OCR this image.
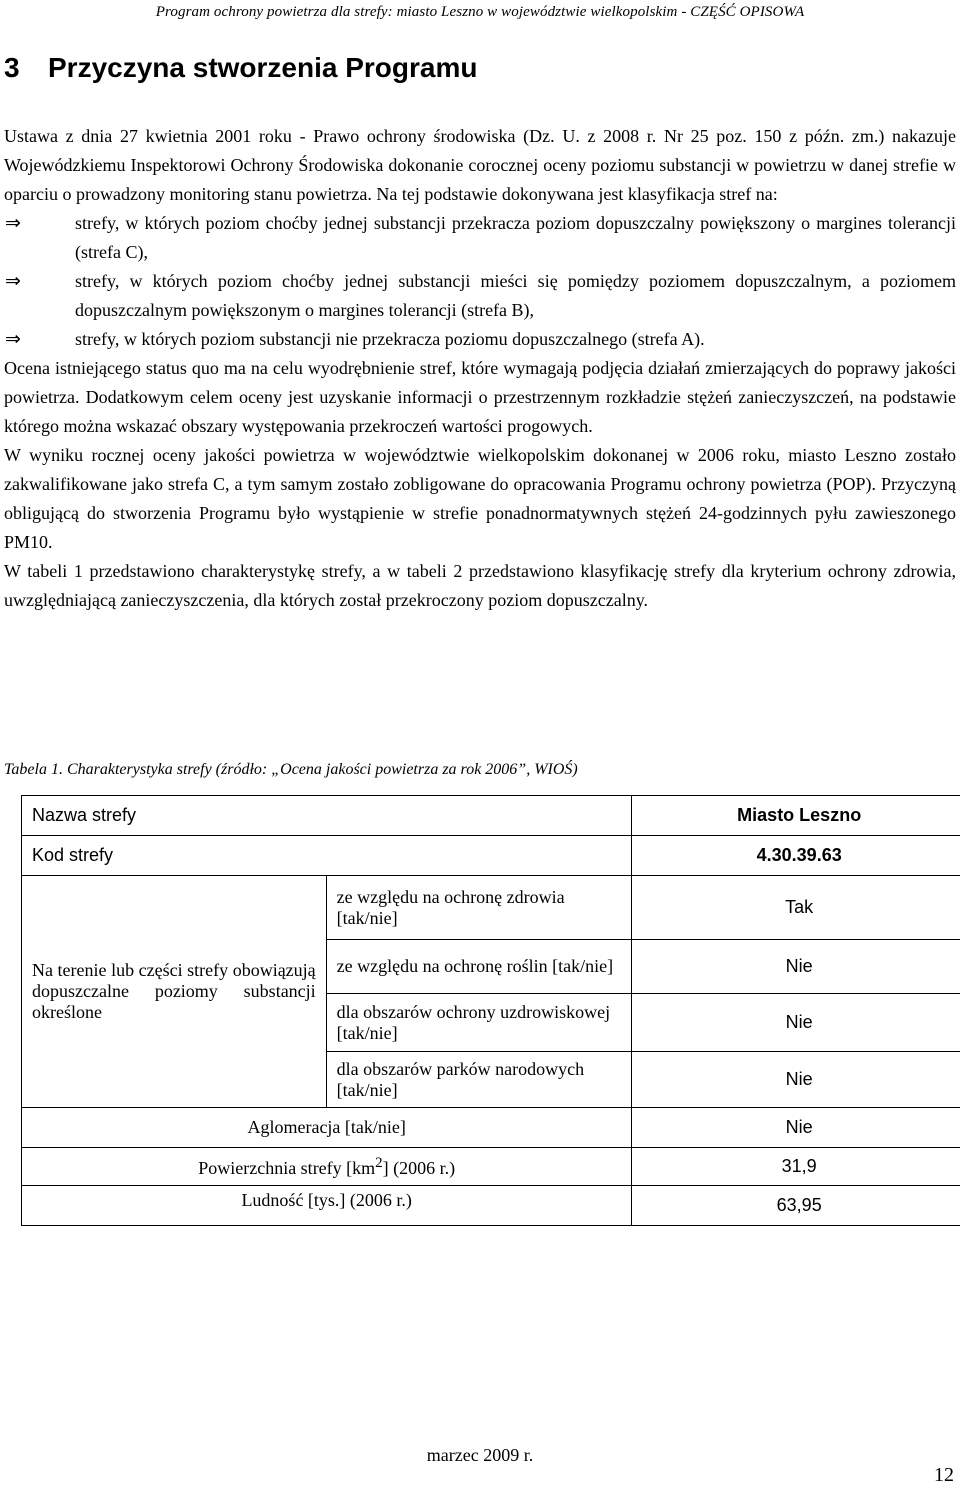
Program ochrony powietrza dla strefy: miasto Leszno w województwie wielkopolskim - CZĘŚĆ OPISOWA
3 Przyczyna stworzenia Programu

Ustawa z dnia 27 kwietnia 2001 roku - Prawo ochrony środowiska (Dz. U. z 2008 r. Nr 25 poz. 150 z późn. zm.) nakazuje Wojewódzkiemu Inspektorowi Ochrony Środowiska dokonanie corocznej oceny poziomu substancji w powietrzu w danej strefie w oparciu o prowadzony monitoring stanu powietrza. Na tej podstawie dokonywana jest klasyfikacja stref na:

⇒	strefy, w których poziom choćby jednej substancji przekracza poziom dopuszczalny powiększony o margines tolerancji (strefa C),
⇒	strefy, w których poziom choćby jednej substancji mieści się pomiędzy poziomem dopuszczalnym, a poziomem dopuszczalnym powiększonym o margines tolerancji (strefa B),
⇒	strefy, w których poziom substancji nie przekracza poziomu dopuszczalnego (strefa A).

Ocena istniejącego status quo ma na celu wyodrębnienie stref, które wymagają podjęcia działań zmierzających do poprawy jakości powietrza. Dodatkowym celem oceny jest uzyskanie informacji o przestrzennym rozkładzie stężeń zanieczyszczeń, na podstawie którego można wskazać obszary występowania przekroczeń wartości progowych.

W wyniku rocznej oceny jakości powietrza w województwie wielkopolskim dokonanej w 2006 roku, miasto Leszno zostało zakwalifikowane jako strefa C, a tym samym zostało zobligowane do opracowania Programu ochrony powietrza (POP). Przyczyną obligującą do stworzenia Programu było wystąpienie w strefie ponadnormatywnych stężeń 24-godzinnych pyłu zawieszonego PM10.

W tabeli 1 przedstawiono charakterystykę strefy, a w tabeli 2 przedstawiono klasyfikację strefy dla kryterium ochrony zdrowia, uwzględniającą zanieczyszczenia, dla których został przekroczony poziom dopuszczalny.

Tabela 1. Charakterystyka strefy (źródło: „Ocena jakości powietrza za rok 2006”, WIOŚ)
Nazwa strefy		Miasto Leszno
Kod strefy		4.30.39.63
Na terenie lub części strefy obowiązują dopuszczalne poziomy substancji określone	ze względu na ochronę zdrowia [tak/nie]	Tak
	ze względu na ochronę roślin [tak/nie]	Nie
	dla obszarów ochrony uzdrowiskowej [tak/nie]	Nie
	dla obszarów parków narodowych [tak/nie]	Nie
Aglomeracja [tak/nie]		Nie
Powierzchnia strefy $[km^2]$ (2006 r.)		31,9
Ludność [tys.] (2006 r.)		63,95
marzec 2009 r.
12
